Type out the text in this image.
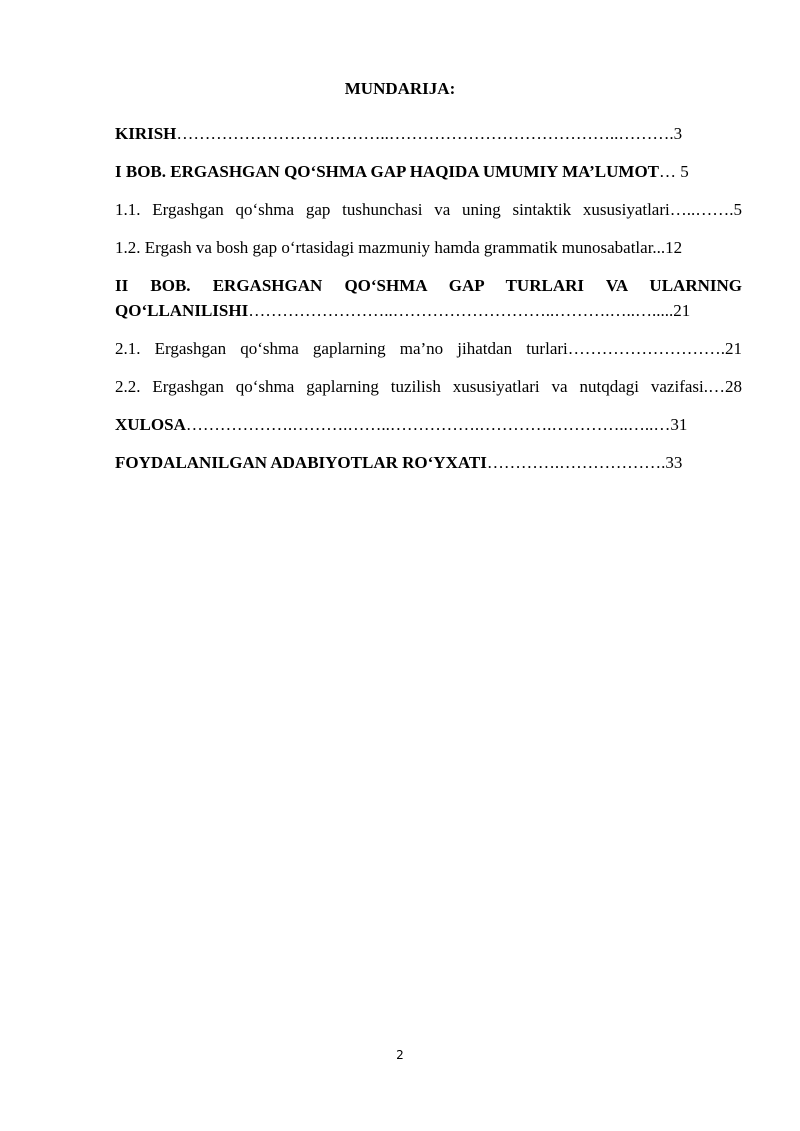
MUNDARIJA:
KIRISH………………………………..…………………………………..……….3
I BOB. ERGASHGAN QO‘SHMA GAP HAQIDA UMUMIY MA’LUMOT… 5
1.1. Ergashgan qo‘shma gap tushunchasi va uning sintaktik xususiyatlari…..…….5
1.2. Ergash va bosh gap o‘rtasidagi mazmuniy hamda grammatik munosabatlar...12
II BOB. ERGASHGAN QO‘SHMA GAP TURLARI VA ULARNING QO‘LLANILISHI……………………..………………………..……….…..….....21
2.1. Ergashgan qo‘shma gaplarning ma’no jihatdan turlari……………………….21
2.2. Ergashgan qo‘shma gaplarning tuzilish xususiyatlari va nutqdagi vazifasi.…28
XULOSA……………….……….……..…………….………….…………..…..…31
FOYDALANILGAN ADABIYOTLAR RO‘YXATI………….……………….33
2
